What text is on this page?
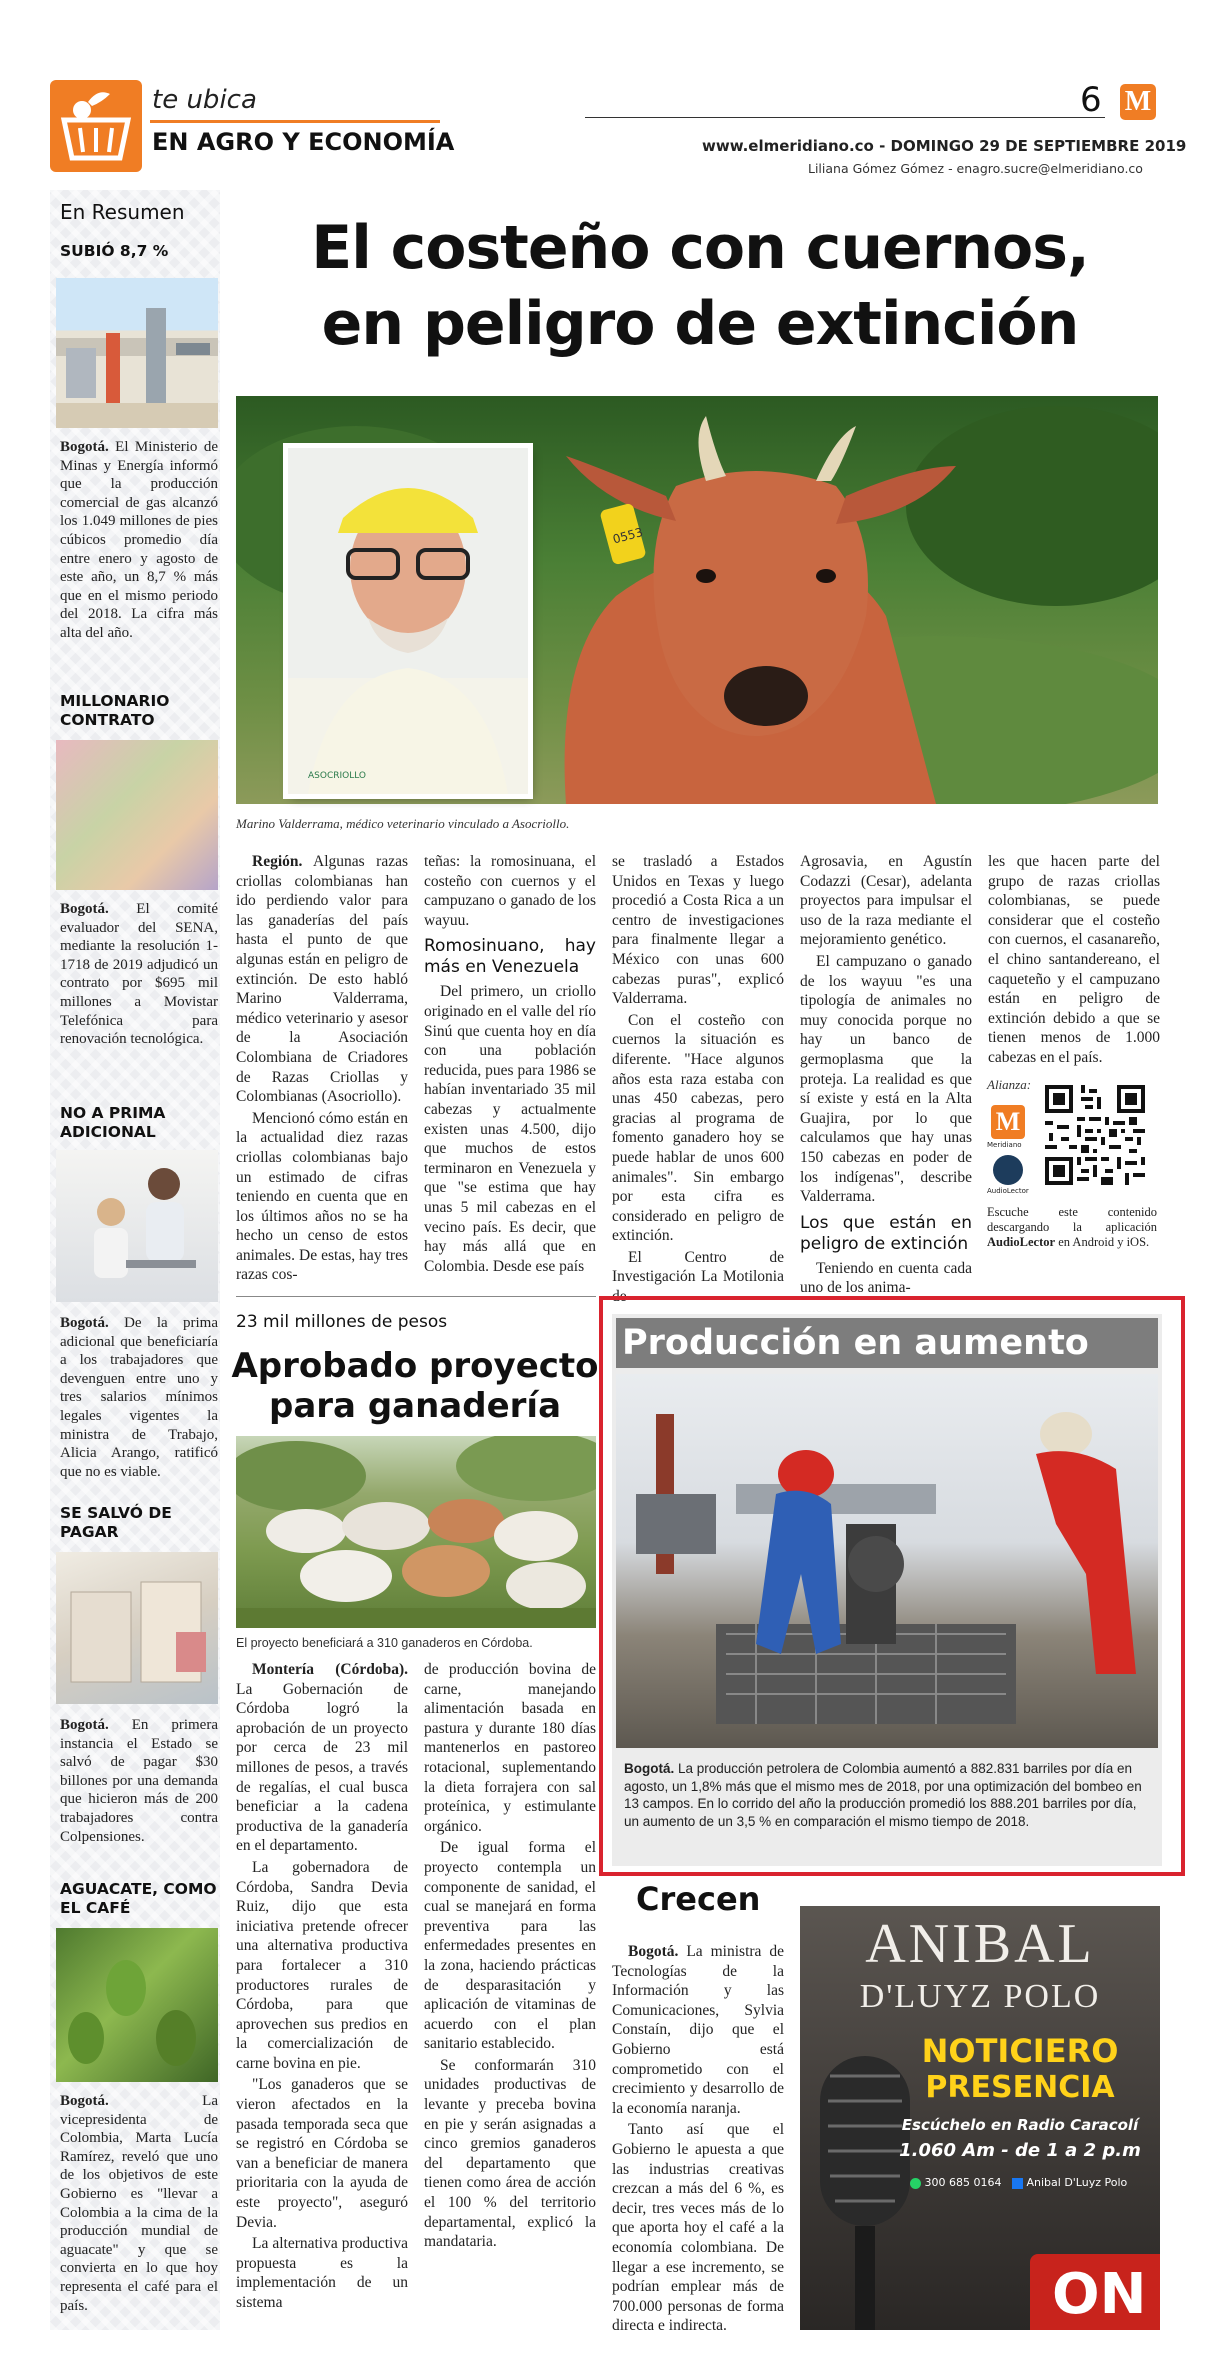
te ubica
EN AGRO Y ECONOMÍA
6 M
www.elmeridiano.co - DOMINGO 29 DE SEPTIEMBRE 2019
Liliana Gómez Gómez - enagro.sucre@elmeridiano.co
En Resumen
SUBIÓ 8,7 %
Bogotá. El Ministerio de Minas y Energía informó que la producción comercial de gas alcanzó los 1.049 millones de pies cúbicos promedio día entre enero y agosto de este año, un 8,7 % más que en el mismo periodo del 2018. La cifra más alta del año.
MILLONARIO CONTRATO
Bogotá. El comité evaluador del SENA, mediante la resolución 1-1718 de 2019 adjudicó un contrato por $695 mil millones a Movistar Telefónica para renovación tecnológica.
NO A PRIMA ADICIONAL
Bogotá. De la prima adicional que beneficiaría a los trabajadores que devenguen entre uno y tres salarios mínimos legales vigentes la ministra de Trabajo, Alicia Arango, ratificó que no es viable.
SE SALVÓ DE PAGAR
Bogotá. En primera instancia el Estado se salvó de pagar $30 billones por una demanda que hicieron más de 200 trabajadores contra Colpensiones.
AGUACATE, COMO EL CAFÉ
Bogotá.	La vicepresidenta de Colombia, Marta Lucía Ramírez, reveló que uno de los objetivos de este Gobierno es "llevar a Colombia a la cima de la producción mundial de aguacate" y que se convierta en lo que hoy representa el café para el país.
El costeño con cuernos,
en peligro de extinción
0553
ASOCRIOLLO
Marino Valderrama, médico veterinario vinculado a Asocriollo.

Región. Algunas razas criollas colombianas han ido perdiendo valor para las ganaderías del país hasta el punto de que algunas están en peligro de extinción. De esto habló Marino Valderrama, médico veterinario y asesor de la Asociación Colombiana de Criadores de Razas Criollas y Colombianas (Asocriollo).

Mencionó cómo están en la actualidad diez razas criollas colombianas bajo un estimado de cifras teniendo en cuenta que en los últimos años no se ha hecho un censo de estos animales. De estas, hay tres razas cos-

teñas: la romosinuana, el costeño con cuernos y el campuzano o ganado de los wayuu.

Romosinuano, hay más en Venezuela

Del primero, un criollo originado en el valle del río Sinú que cuenta hoy en día con una población reducida, pues para 1986 se habían inventariado 35 mil cabezas y actualmente existen unas 4.500, dijo que muchos de estos terminaron en Venezuela y que "se estima que hay unas 5 mil cabezas en el vecino país. Es decir, que hay más allá que en Colombia. Desde ese país

se trasladó a Estados Unidos en Texas y luego procedió a Costa Rica a un centro de investigaciones para finalmente llegar a México con unas 600 cabezas puras", explicó Valderrama.

Con el costeño con cuernos la situación es diferente. "Hace algunos años esta raza estaba con unas 450 cabezas, pero gracias al programa de fomento ganadero hoy se puede hablar de unos 600 animales". Sin embargo por esta cifra es considerado en peligro de extinción.

El Centro de Investigación La Motilonia de

Agrosavia, en Agustín Codazzi (Cesar), adelanta proyectos para impulsar el uso de la raza mediante el mejoramiento genético.

El campuzano o ganado de los wayuu "es una tipología de animales no muy conocida porque no hay un banco de germoplasma que la proteja. La realidad es que sí existe y está en la Alta Guajira, por lo que calculamos que hay unas 150 cabezas en poder de los indígenas", describe Valderrama.

Los que están en peligro de extinción

Teniendo en cuenta cada uno de los anima-

les que hacen parte del grupo de razas criollas colombianas, se puede considerar que el costeño con cuernos, el casanareño, el chino santandereano, el caqueteño y el campuzano están en peligro de extinción debido a que se tienen menos de 1.000 cabezas en el país.

Alianza:
M
Meridiano
AudioLector
Escuche este contenido descargando la aplicación AudioLector en Android y iOS.
23 mil millones de pesos
Aprobado proyecto
para ganadería
El proyecto beneficiará a 310 ganaderos en Córdoba.

Montería (Córdoba). La Gobernación de Córdoba logró la aprobación de un proyecto por cerca de 23 mil millones de pesos, a través de regalías, el cual busca beneficiar a la cadena productiva de la ganadería en el departamento.

La gobernadora de Córdoba, Sandra Devia Ruiz, dijo que esta iniciativa pretende ofrecer una alternativa productiva para fortalecer a 310 productores rurales de Córdoba, para que aprovechen sus predios en la comercialización de carne bovina en pie.

"Los ganaderos que se vieron afectados en la pasada temporada seca que se registró en Córdoba se van a beneficiar de manera prioritaria con la ayuda de este proyecto", aseguró Devia.

La alternativa productiva propuesta es la implementación de un sistema

de producción bovina de carne, manejando alimentación basada en pastura y durante 180 días mantenerlos en pastoreo rotacional, suplementando la dieta forrajera con sal proteínica, y estimulante orgánico.

De igual forma el proyecto contempla un componente de sanidad, el cual se manejará en forma preventiva para las enfermedades presentes en la zona, haciendo prácticas de desparasitación y aplicación de vitaminas de acuerdo con el plan sanitario establecido.

Se conformarán 310 unidades productivas de levante y preceba bovina en pie y serán asignadas a cinco gremios ganaderos del departamento que tienen como área de acción el 100 % del territorio departamental, explicó la mandataria.

Producción en aumento
Bogotá. La producción petrolera de Colombia aumentó a 882.831 barriles por día en agosto, un 1,8% más que el mismo mes de 2018, por una optimización del bombeo en 13 campos. En lo corrido del año la producción promedió los 888.201 barriles por día, un aumento de un 3,5 % en comparación el mismo tiempo de 2018.
Crecen

Bogotá. La ministra de Tecnologías de la Información y las Comunicaciones, Sylvia Constaín, dijo que el Gobierno está comprometido con el crecimiento y desarrollo de la economía naranja.

Tanto así que el Gobierno le apuesta a que las industrias creativas crezcan a más del 6 %, es decir, tres veces más de lo que aporta hoy el café a la economía colombiana. De llegar a ese incremento, se podrían emplear más de 700.000 personas de forma directa e indirecta.

ANIBAL
D'LUYZ POLO
NOTICIERO
PRESENCIA
Escúchelo en Radio Caracolí
1.060 Am - de 1 a 2 p.m
300 685 0164 Anibal D'Luyz Polo
ON
